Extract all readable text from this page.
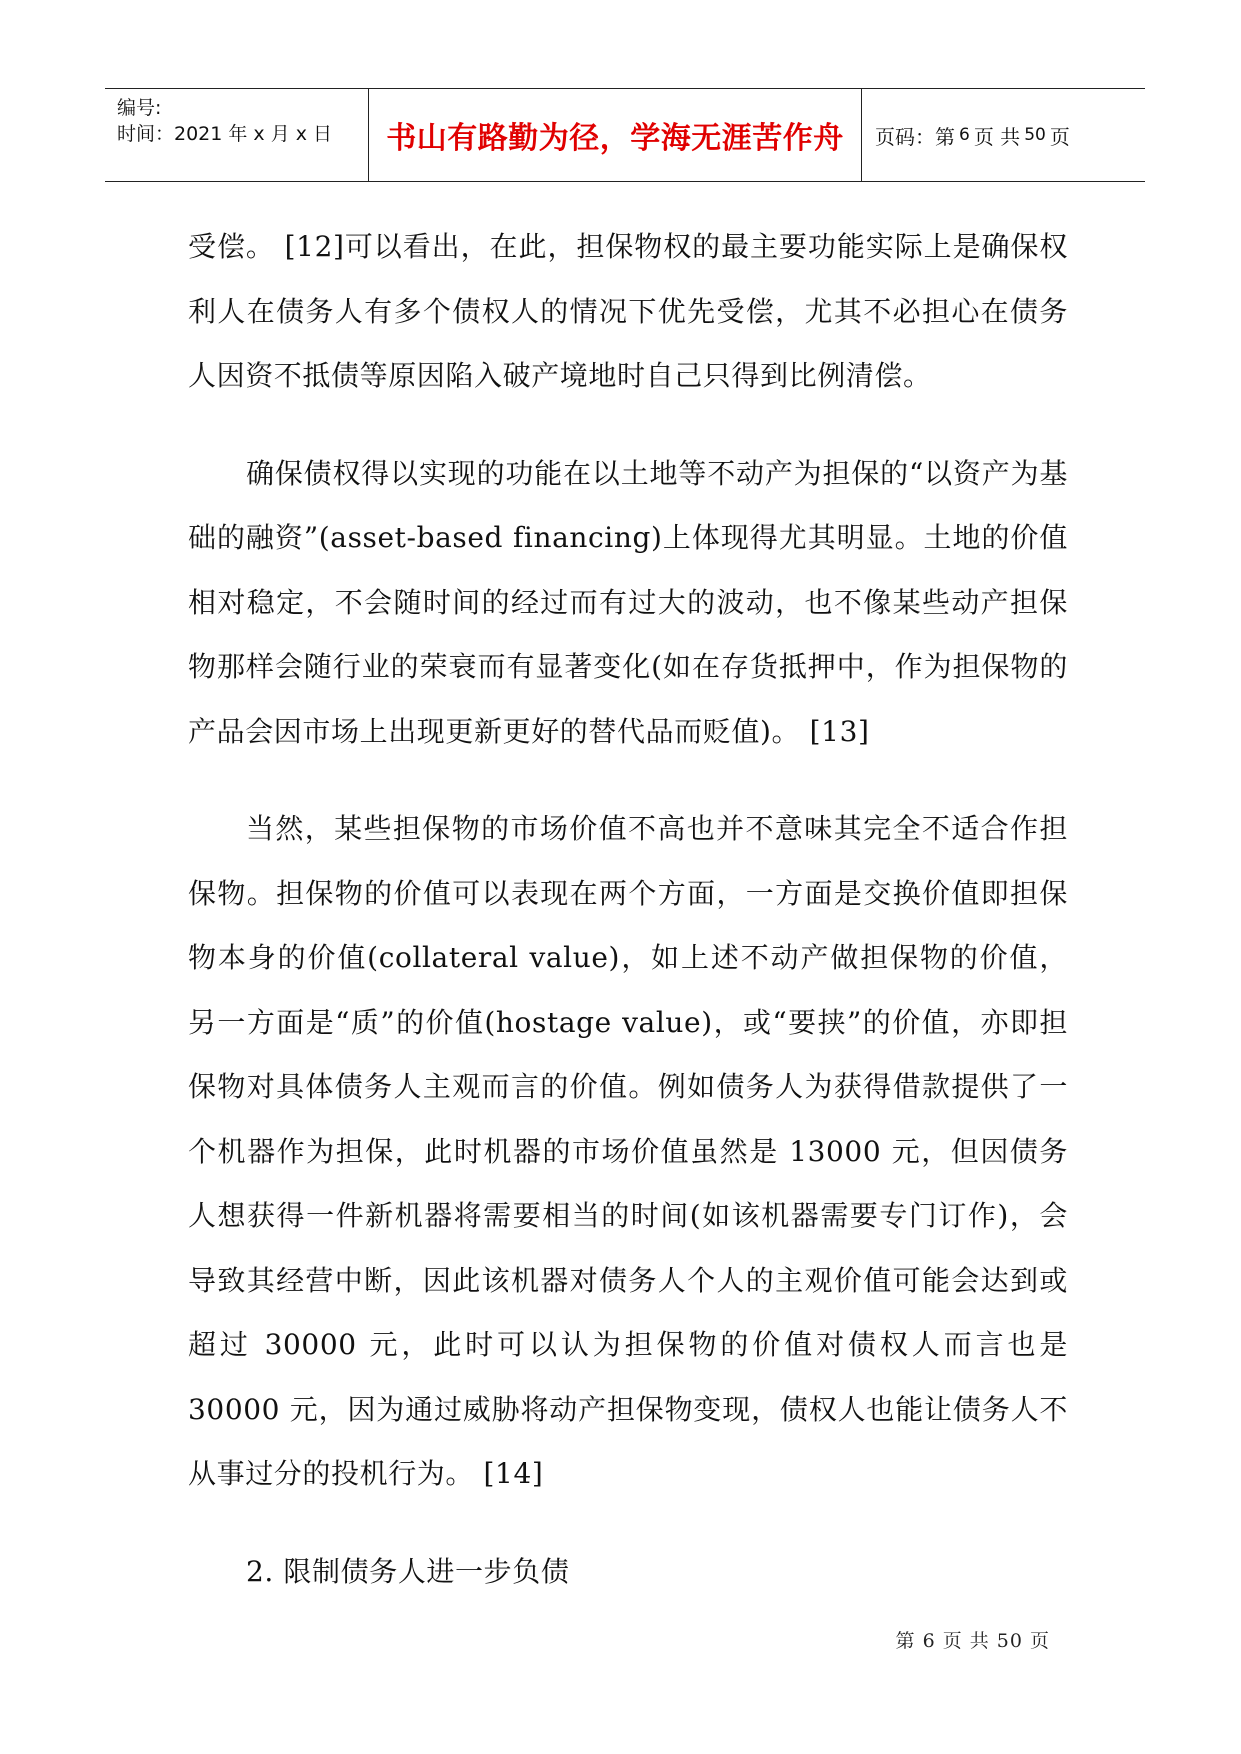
编号:
时间：2021 年 x 月 x 日	书山有路勤为径，学海无涯苦作舟	页码：第 6 页 共 50 页

受偿。 [12]可以看出，在此，担保物权的最主要功能实际上是确保权利人在债务人有多个债权人的情况下优先受偿，尤其不必担心在债务人因资不抵债等原因陷入破产境地时自己只得到比例清偿。

确保债权得以实现的功能在以土地等不动产为担保的“以资产为基础的融资”(asset-based financing)上体现得尤其明显。土地的价值相对稳定，不会随时间的经过而有过大的波动，也不像某些动产担保物那样会随行业的荣衰而有显著变化(如在存货抵押中，作为担保物的产品会因市场上出现更新更好的替代品而贬值)。 [13]

当然，某些担保物的市场价值不高也并不意味其完全不适合作担保物。担保物的价值可以表现在两个方面，一方面是交换价值即担保物本身的价值(collateral value)，如上述不动产做担保物的价值，另一方面是“质”的价值(hostage value)，或“要挟”的价值，亦即担保物对具体债务人主观而言的价值。例如债务人为获得借款提供了一个机器作为担保，此时机器的市场价值虽然是 13000 元，但因债务人想获得一件新机器将需要相当的时间(如该机器需要专门订作)，会导致其经营中断，因此该机器对债务人个人的主观价值可能会达到或超过 30000 元，此时可以认为担保物的价值对债权人而言也是30000 元，因为通过威胁将动产担保物变现，债权人也能让债务人不从事过分的投机行为。 [14]

2. 限制债务人进一步负债

第 6 页 共 50 页
